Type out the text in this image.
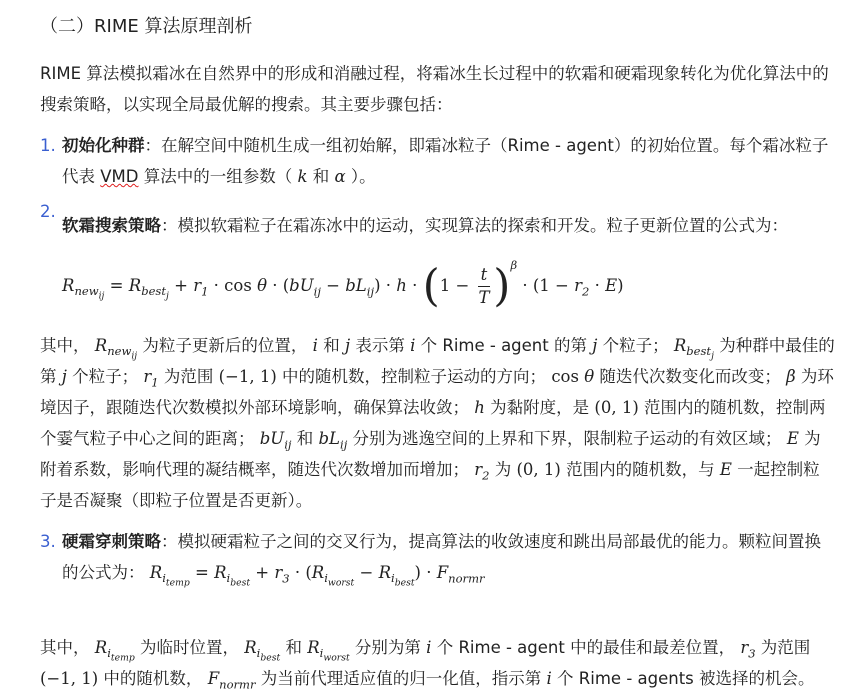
（二）RIME 算法原理剖析

RIME 算法模拟霜冰在自然界中的形成和消融过程，将霜冰生长过程中的软霜和硬霜现象转化为优化算法中的搜索策略，以实现全局最优解的搜索。其主要步骤包括：

1. 初始化种群：在解空间中随机生成一组初始解，即霜冰粒子（Rime - agent）的初始位置。每个霜冰粒子代表 VMD 算法中的一组参数（ k 和 α ）。

2.

软霜搜索策略：模拟软霜粒子在霜冻冰中的运动，实现算法的探索和开发。粒子更新位置的公式为：
$R_{new_{ij}} = R_{best_j} + r_1 \cdot \cos \theta \cdot (bU_{ij} - bL_{ij}) \cdot h \cdot (1 - \frac{t}{T} )^\beta \cdot (1 - r_2 \cdot E)$

其中， $R_{new_{ij}}$ 为粒子更新后的位置， i 和 j 表示第 i 个 Rime - agent 的第 j 个粒子； $R_{best_j}$ 为种群中最佳的第 j 个粒子； $r_1$ 为范围 (−1, 1) 中的随机数，控制粒子运动的方向； cos θ 随迭代次数变化而改变； β 为环境因子，跟随迭代次数模拟外部环境影响，确保算法收敛； h 为黏附度，是 (0, 1) 范围内的随机数，控制两个霎气粒子中心之间的距离； $bU_{ij}$ 和 $bL_{ij}$ 分别为逃逸空间的上界和下界，限制粒子运动的有效区域； E 为附着系数，影响代理的凝结概率，随迭代次数增加而增加； $r_2$ 为 (0, 1) 范围内的随机数，与 E 一起控制粒子是否凝聚（即粒子位置是否更新）。

3. 硬霜穿刺策略：模拟硬霜粒子之间的交叉行为，提高算法的收敛速度和跳出局部最优的能力。颗粒间置换的公式为： $R_{i_{temp}} = R_{i_{best}} + r_3 \cdot (R_{i_{worst}} - R_{i_{best}}) \cdot F_{normr}$

其中， $R_{i_{temp}}$ 为临时位置， $R_{i_{best}}$ 和 $R_{i_{worst}}$ 分别为第 i 个 Rime - agent 中的最佳和最差位置， $r_3$ 为范围 (−1, 1) 中的随机数， $F_{normr}$ 为当前代理适应值的归一化值，指示第 i 个 Rime - agents 被选择的机会。
